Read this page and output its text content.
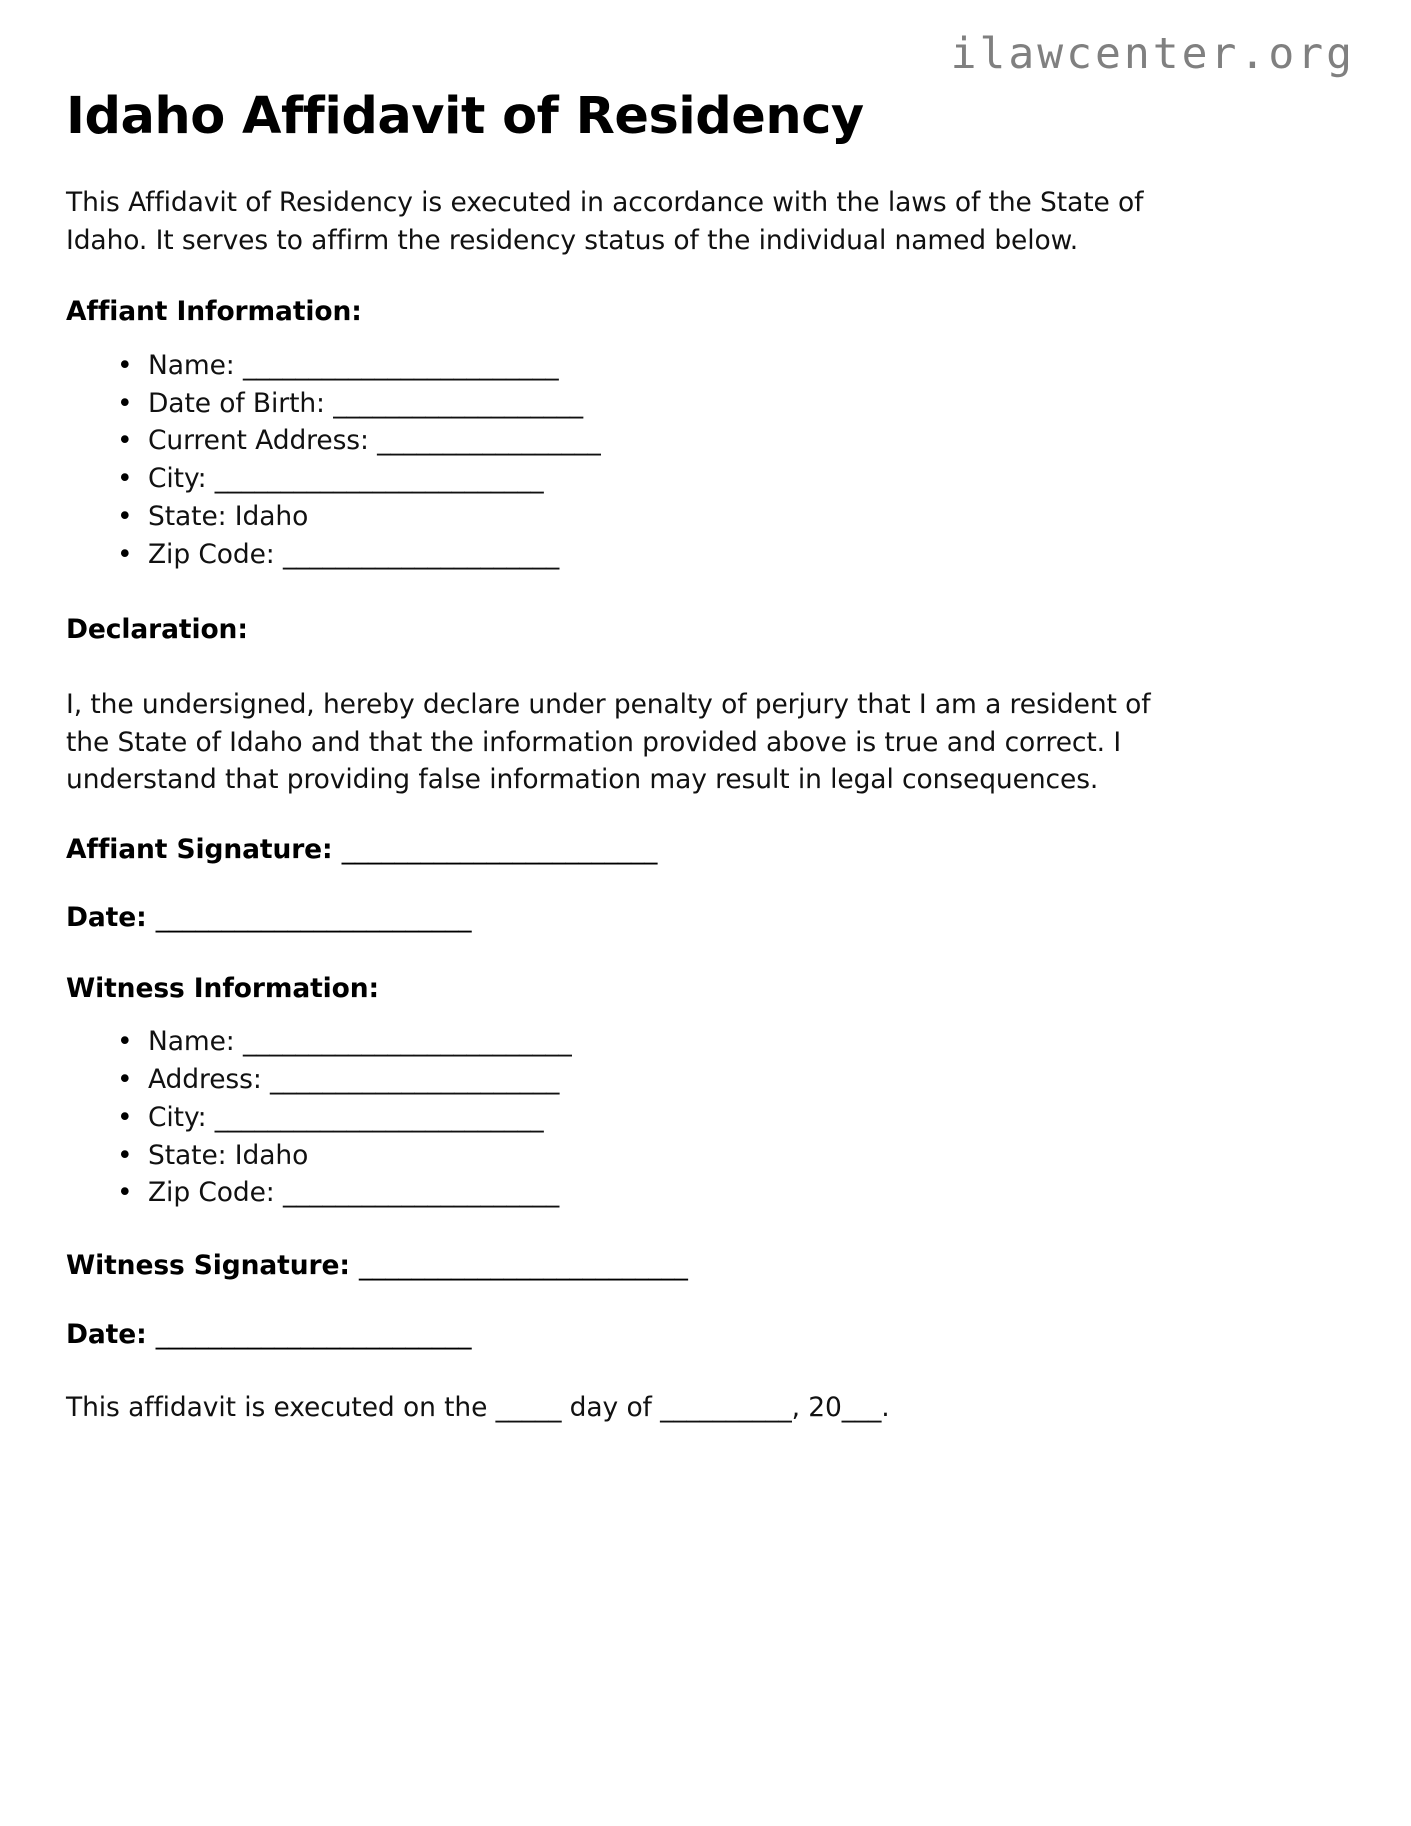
ilawcenter.org
Idaho Affidavit of Residency

This Affidavit of Residency is executed in accordance with the laws of the State of Idaho. It serves to affirm the residency status of the individual named below.

Affiant Information:
• Name: ________________________
• Date of Birth: ___________________
• Current Address: _________________
• City: _________________________
• State: Idaho
• Zip Code: _____________________
Declaration:

I, the undersigned, hereby declare under penalty of perjury that I am a resident of the State of Idaho and that the information provided above is true and correct. I understand that providing false information may result in legal consequences.

Affiant Signature: ________________________

Date: ________________________

Witness Information:
• Name: _________________________
• Address: ______________________
• City: _________________________
• State: Idaho
• Zip Code: _____________________

Witness Signature: _________________________

Date: ________________________

This affidavit is executed on the _____ day of __________, 20___.
